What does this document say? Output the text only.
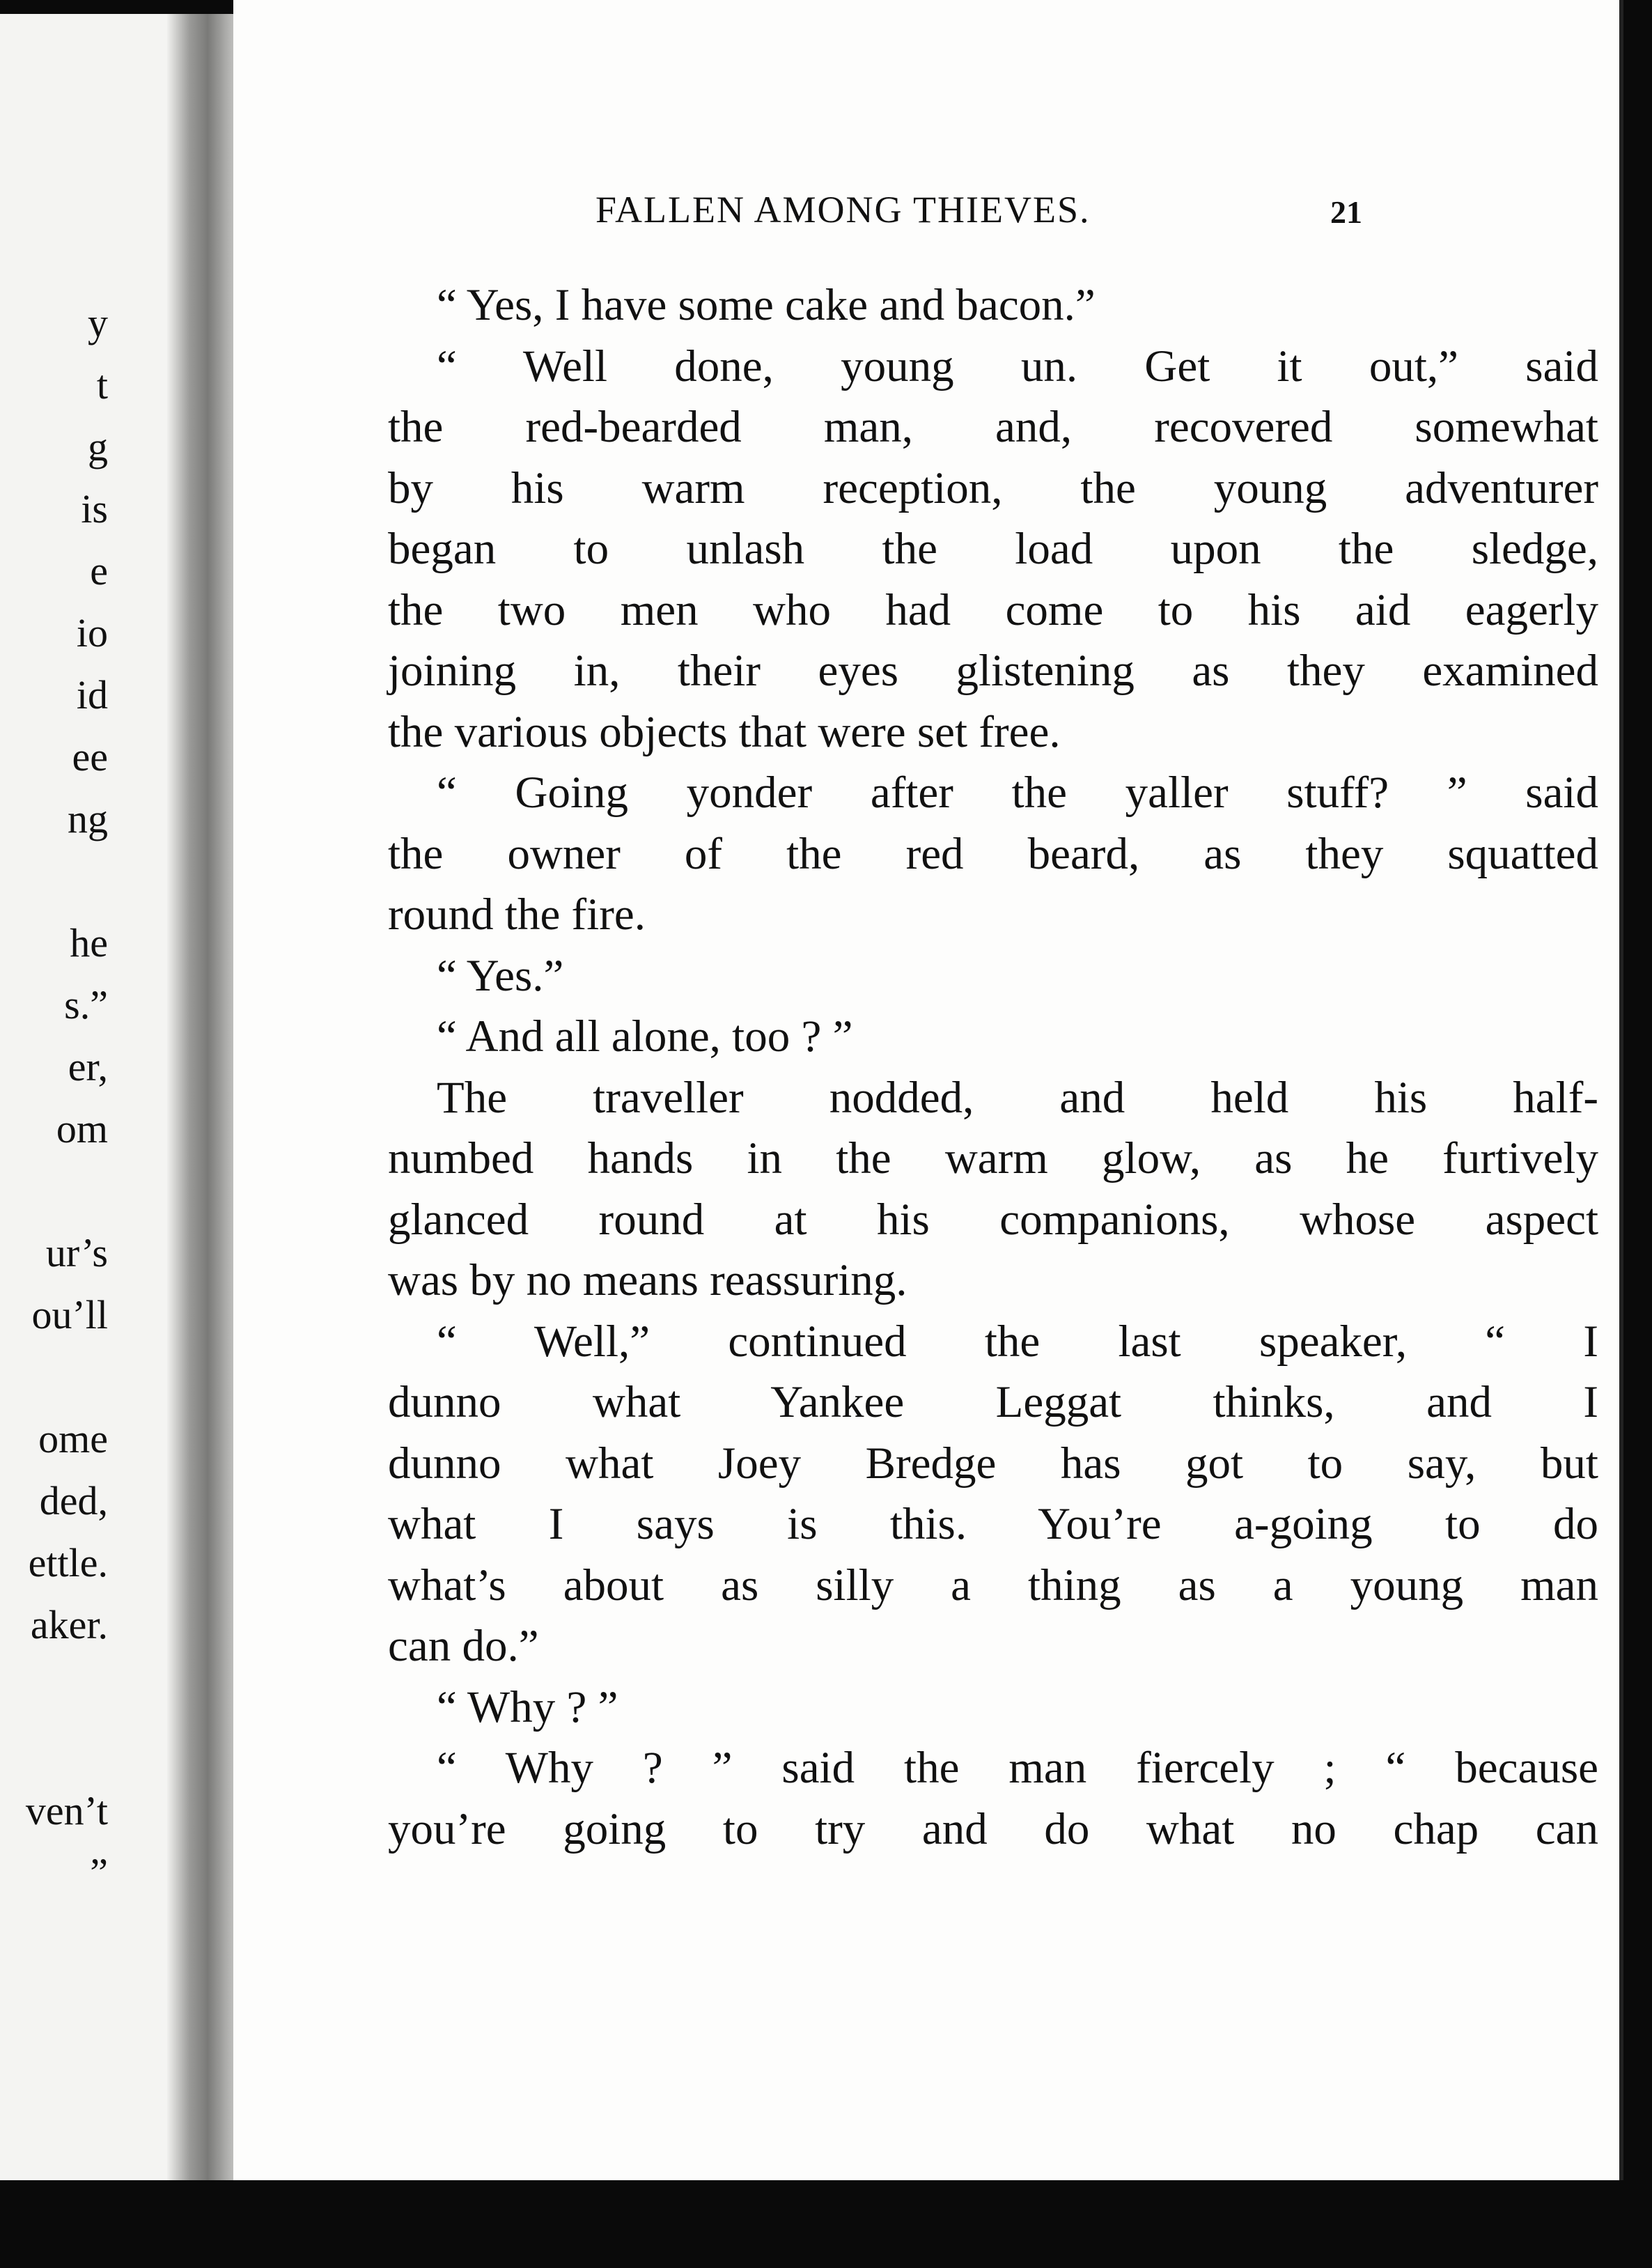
y
t
g
is
e
io
id
ee
ng
he
s.”
er,
om
ur’s
ou’ll
ome
ded,
ettle.
aker.
ven’t
”
FALLEN AMONG THIEVES.	21
“ Yes, I have some cake and bacon.”
“ Well done, young un. Get it out,” said
the red-bearded man, and, recovered somewhat
by his warm reception, the young adventurer
began to unlash the load upon the sledge,
the two men who had come to his aid eagerly
joining in, their eyes glistening as they examined
the various objects that were set free.
“ Going yonder after the yaller stuff? ” said
the owner of the red beard, as they squatted
round the fire.
“ Yes.”
“ And all alone, too ? ”
The traveller nodded, and held his half-
numbed hands in the warm glow, as he furtively
glanced round at his companions, whose aspect
was by no means reassuring.
“ Well,” continued the last speaker, “ I
dunno what Yankee Leggat thinks, and I
dunno what Joey Bredge has got to say, but
what I says is this. You’re a-going to do
what’s about as silly a thing as a young man
can do.”
“ Why ? ”
“ Why ? ” said the man fiercely ; “ because
you’re going to try and do what no chap can
